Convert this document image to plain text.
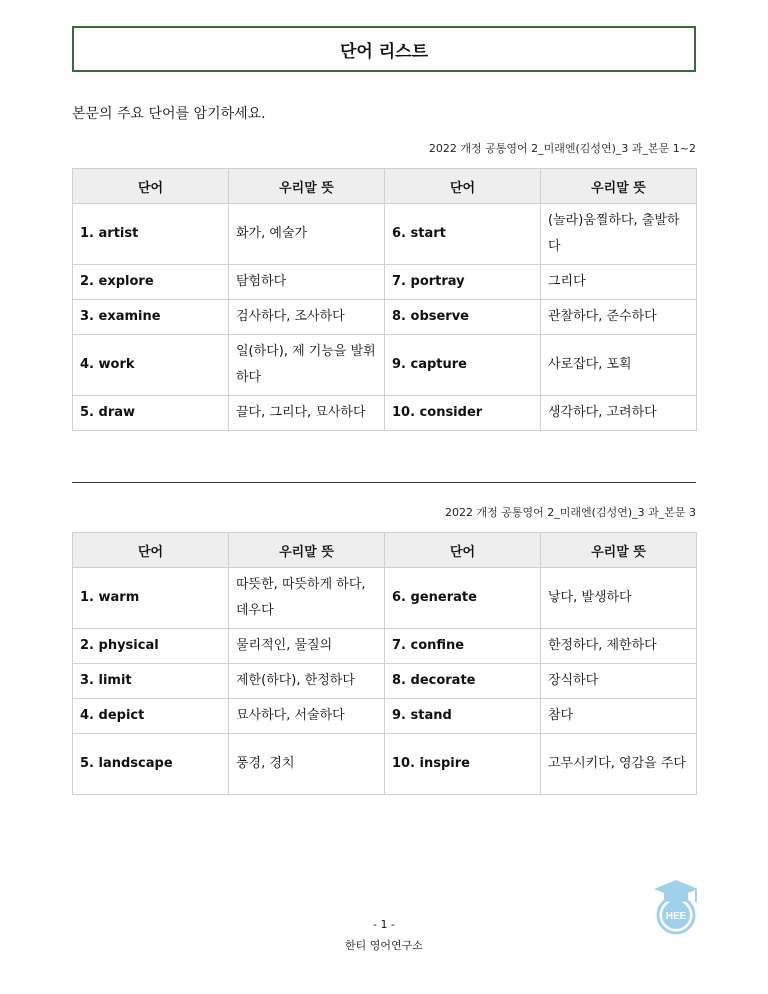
단어 리스트
본문의 주요 단어를 암기하세요.
2022 개정 공통영어 2_미래엔(김성연)_3 과_본문 1~2
단어	우리말 뜻	단어	우리말 뜻
1. artist	화가, 예술가	6. start	(놀라)움찔하다, 출발하다
2. explore	탐험하다	7. portray	그리다
3. examine	검사하다, 조사하다	8. observe	관찰하다, 준수하다
4. work	일(하다), 제 기능을 발휘하다	9. capture	사로잡다, 포획
5. draw	끌다, 그리다, 묘사하다	10. consider	생각하다, 고려하다
2022 개정 공통영어 2_미래엔(김성연)_3 과_본문 3
단어	우리말 뜻	단어	우리말 뜻
1. warm	따뜻한, 따뜻하게 하다, 데우다	6. generate	낳다, 발생하다
2. physical	물리적인, 물질의	7. confine	한정하다, 제한하다
3. limit	제한(하다), 한정하다	8. decorate	장식하다
4. depict	묘사하다, 서술하다	9. stand	참다
5. landscape	풍경, 경치	10. inspire	고무시키다, 영감을 주다
HEE
- 1 -
한티 영어연구소
